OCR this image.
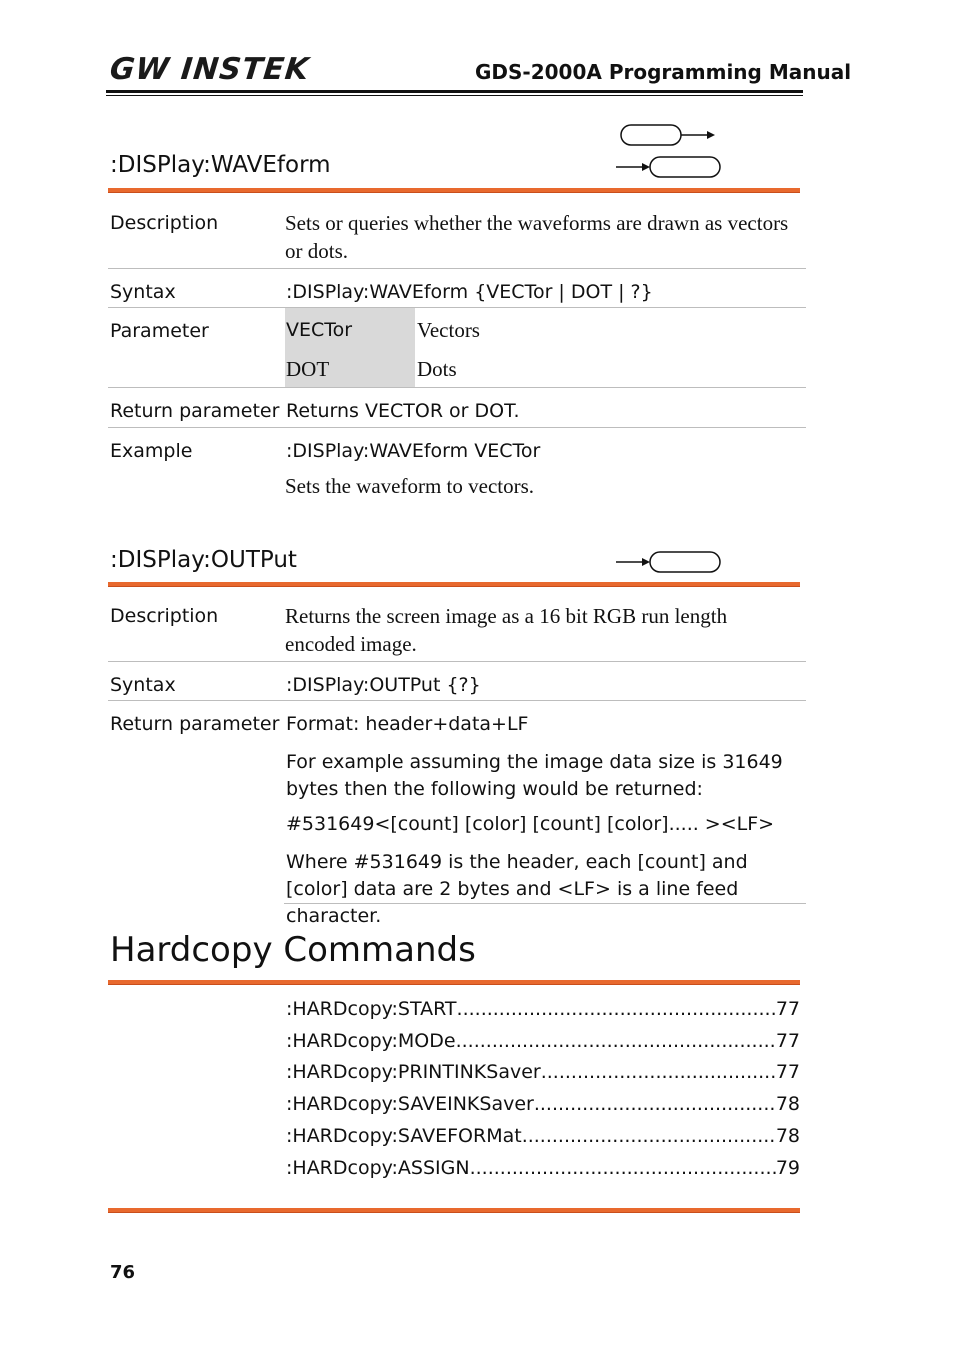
GW INSTEK	GDS-2000A Programming Manual
:DISPlay:WAVEform
Description	Sets or queries whether the waveforms are drawn as vectors or dots.
Syntax	:DISPlay:WAVEform {VECTor | DOT | ?}
Parameter	VECTor	Vectors
DOT	Dots
Return parameter Returns VECTOR or DOT.
Example	:DISPlay:WAVEform VECTor
Sets the waveform to vectors.
:DISPlay:OUTPut
Description	Returns the screen image as a 16 bit RGB run length encoded image.
Syntax	:DISPlay:OUTPut {?}
Return parameter Format: header+data+LF
For example assuming the image data size is 31649 bytes then the following would be returned:
#531649<[count] [color] [count] [color]..... ><LF>
Where #531649 is the header, each [count] and [color] data are 2 bytes and <LF> is a line feed character.
Hardcopy Commands
:HARDcopy:START .....	77
:HARDcopy:MODe .....	77
:HARDcopy:PRINTINKSaver .....	77
:HARDcopy:SAVEINKSaver .....	78
:HARDcopy:SAVEFORMat .....	78
:HARDcopy:ASSIGN .....	79
76
